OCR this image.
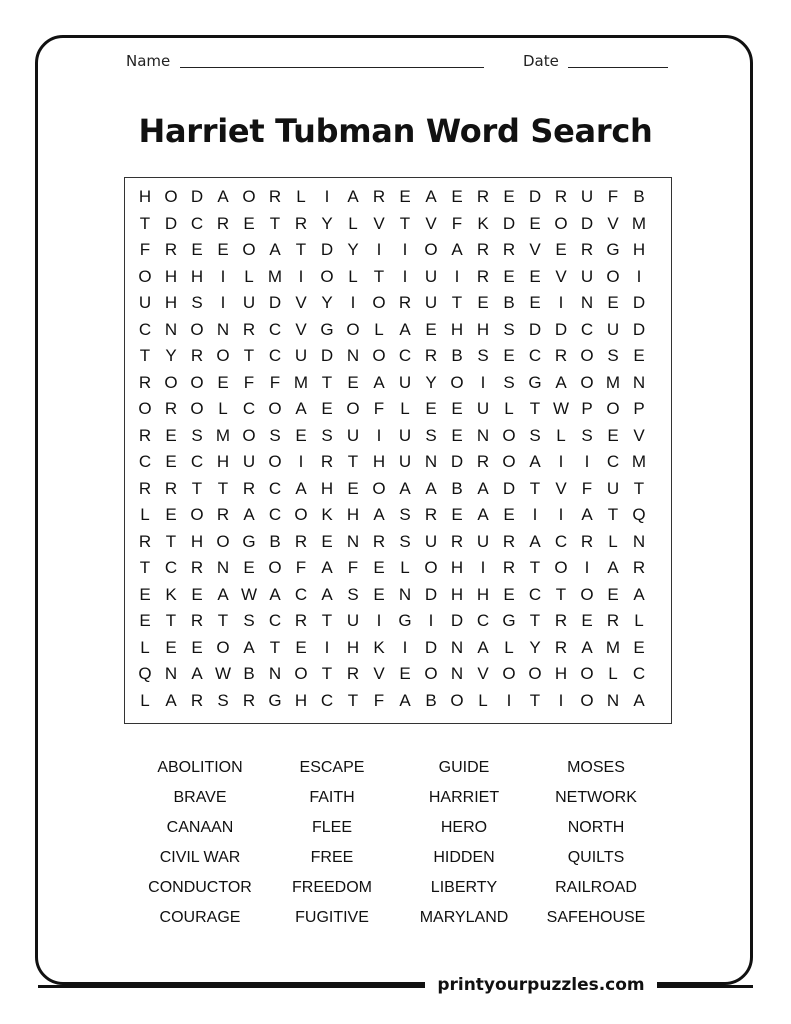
Name	Date
Harriet Tubman Word Search
H O D A O R L	I	A R E A E R E D R U F B
T D C R E T R Y L V T V F K D E O D V M
F R E E O A T D Y	I	I	O A R R V E R G H
O H H	I	L M I	O L T	I	U	I	R E E V U O	I
U H S	I	U D V Y	I	O R U T E B E	I	N E D
C N O N R C V G O L A E H H S D D C U D
T Y R O T C U D N O C R B S E C R O S E
R O O E F F M T E A U Y O	I	S G A O M N
O R O L C O A E O F L E E U L T W P O P
R E S M O S E S U	I	U S E N O S L S E V
C E C H U O	I	R T H U N D R O A	I	I	C M
R R T T R C A H E O A A B A D T V F U T
L E O R A C O K H A S R E A E	I	I	A T Q
R T H O G B R E N R S U R U R A C R L N
T C R N E O F A F E L O H	I	R T O	I	A R
E K E A W A C A S E N D H H E C T O E A
E T R T S C R T U	I	G	I	D C G T R E R L
L E E O A T E	I	H K	I	D N A L Y R A M E
Q N A W B N O T R V E O N V O O H O L C
L A R S R G H C T F A B O L	I	T	I	O N A
ABOLITION	ESCAPE	GUIDE	MOSES
BRAVE	FAITH	HARRIET	NETWORK
CANAAN	FLEE	HERO	NORTH
CIVIL WAR	FREE	HIDDEN	QUILTS
CONDUCTOR	FREEDOM	LIBERTY	RAILROAD
COURAGE	FUGITIVE	MARYLAND	SAFEHOUSE
printyourpuzzles.com
